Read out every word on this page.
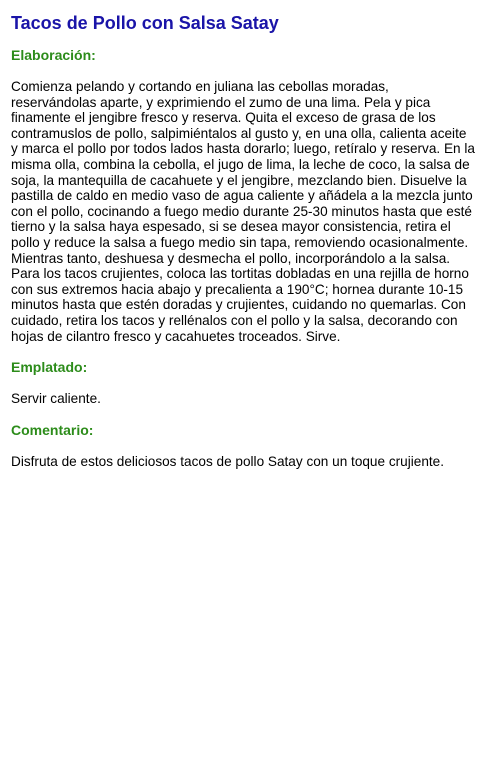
Tacos de Pollo con Salsa Satay
Elaboración:

Comienza pelando y cortando en juliana las cebollas moradas, reservándolas aparte, y exprimiendo el zumo de una lima. Pela y pica finamente el jengibre fresco y reserva. Quita el exceso de grasa de los contramuslos de pollo, salpimiéntalos al gusto y, en una olla, calienta aceite y marca el pollo por todos lados hasta dorarlo; luego, retíralo y reserva. En la misma olla, combina la cebolla, el jugo de lima, la leche de coco, la salsa de soja, la mantequilla de cacahuete y el jengibre, mezclando bien. Disuelve la pastilla de caldo en medio vaso de agua caliente y añádela a la mezcla junto con el pollo, cocinando a fuego medio durante 25-30 minutos hasta que esté tierno y la salsa haya espesado, si se desea mayor consistencia, retira el pollo y reduce la salsa a fuego medio sin tapa, removiendo ocasionalmente. Mientras tanto, deshuesa y desmecha el pollo, incorporándolo a la salsa. Para los tacos crujientes, coloca las tortitas dobladas en una rejilla de horno con sus extremos hacia abajo y precalienta a 190°C; hornea durante 10-15 minutos hasta que estén doradas y crujientes, cuidando no quemarlas. Con cuidado, retira los tacos y rellénalos con el pollo y la salsa, decorando con hojas de cilantro fresco y cacahuetes troceados. Sirve.

Emplatado:

Servir caliente.

Comentario:

Disfruta de estos deliciosos tacos de pollo Satay con un toque crujiente.
